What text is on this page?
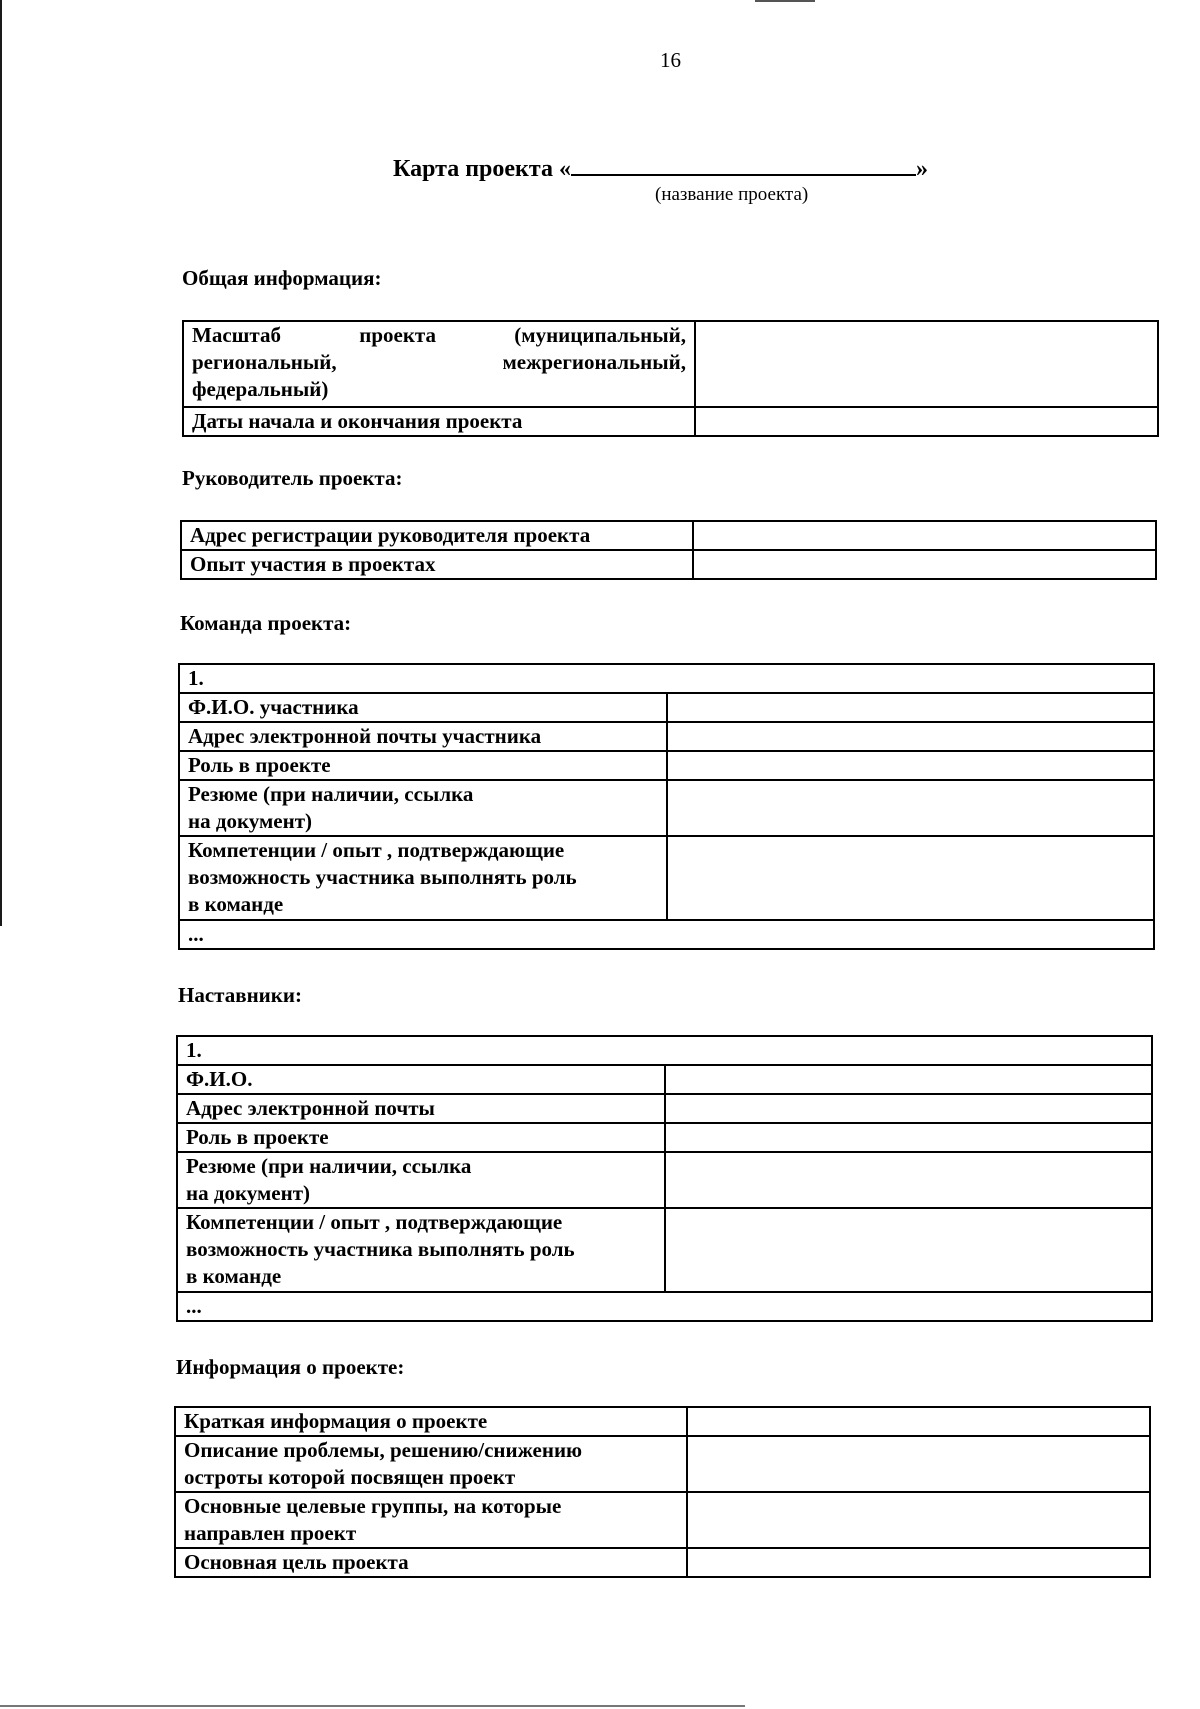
16
Карта проекта «	»
(название проекта)
Общая информация:
Масштаб проекта (муниципальный,
региональный, межрегиональный,
федеральный)	

Даты начала и окончания проекта	
Руководитель проекта:
Адрес регистрации руководителя проекта	
Опыт участия в проектах	
Команда проекта:
1.	
Ф.И.О. участника	
Адрес электронной почты участника	
Роль в проекте	

Резюме (при наличии, ссылка
на документ)	

Компетенции / опыт , подтверждающие
возможность участника выполнять роль
в команде	

...	
Наставники:
1.	
Ф.И.О.	
Адрес электронной почты	
Роль в проекте	

Резюме (при наличии, ссылка
на документ)	

Компетенции / опыт , подтверждающие
возможность участника выполнять роль
в команде	

...	
Информация о проекте:
Краткая информация о проекте	

Описание проблемы, решению/снижению
остроты которой посвящен проект	

Основные целевые группы, на которые
направлен проект	

Основная цель проекта	
